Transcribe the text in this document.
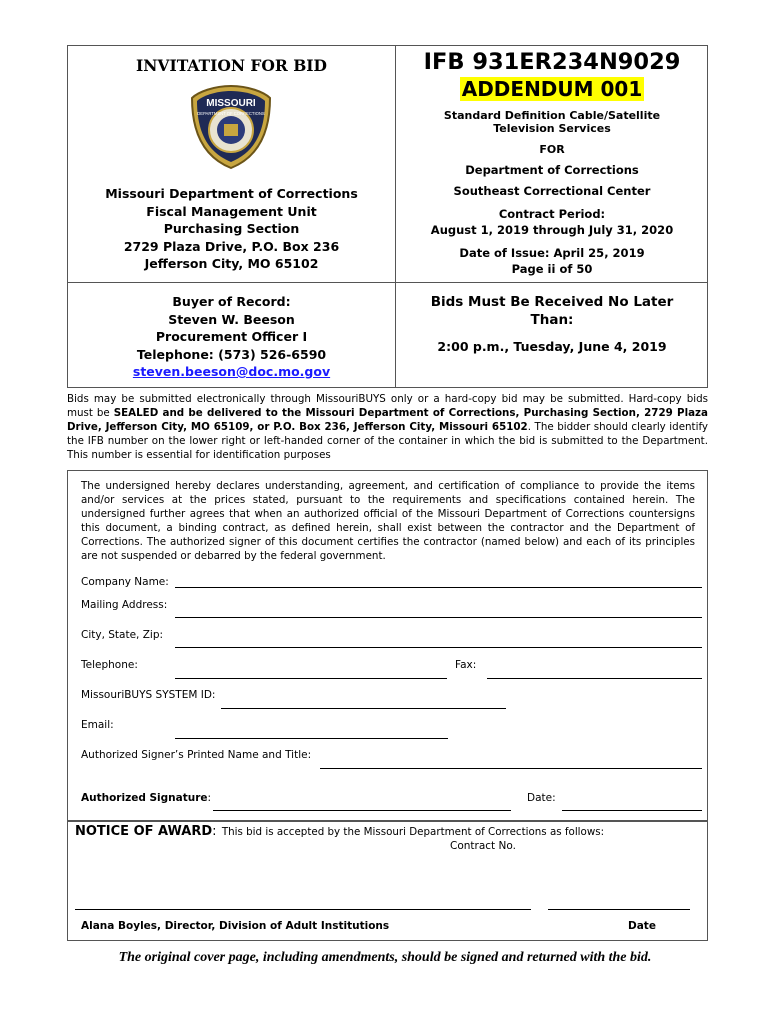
INVITATION FOR BID
MISSOURI
DEPARTMENT OF CORRECTIONS
Missouri Department of Corrections
Fiscal Management Unit
Purchasing Section
2729 Plaza Drive, P.O. Box 236
Jefferson City, MO 65102
IFB 931ER234N9029
ADDENDUM 001
Standard Definition Cable/Satellite
Television Services
FOR
Department of Corrections
Southeast Correctional Center
Contract Period:
August 1, 2019 through July 31, 2020
Date of Issue: April 25, 2019
Page ii of 50
Buyer of Record:
Steven W. Beeson
Procurement Officer I
Telephone: (573) 526-6590
steven.beeson@doc.mo.gov
Bids Must Be Received No Later
Than:
2:00 p.m., Tuesday, June 4, 2019
Bids may be submitted electronically through MissouriBUYS only or a hard-copy bid may be submitted. Hard-copy bids must be SEALED and be delivered to the Missouri Department of Corrections, Purchasing Section, 2729 Plaza Drive, Jefferson City, MO 65109, or P.O. Box 236, Jefferson City, Missouri 65102. The bidder should clearly identify the IFB number on the lower right or left-handed corner of the container in which the bid is submitted to the Department. This number is essential for identification purposes
The undersigned hereby declares understanding, agreement, and certification of compliance to provide the items and/or services at the prices stated, pursuant to the requirements and specifications contained herein. The undersigned further agrees that when an authorized official of the Missouri Department of Corrections countersigns this document, a binding contract, as defined herein, shall exist between the contractor and the Department of Corrections. The authorized signer of this document certifies the contractor (named below) and each of its principles are not suspended or debarred by the federal government.
Company Name:
Mailing Address:
City, State, Zip:
Telephone:	Fax:
MissouriBUYS SYSTEM ID:
Email:
Authorized Signer’s Printed Name and Title:
Authorized Signature:	Date:
NOTICE OF AWARD: This bid is accepted by the Missouri Department of Corrections as follows:
Contract No.
Alana Boyles, Director, Division of Adult Institutions	Date
The original cover page, including amendments, should be signed and returned with the bid.
